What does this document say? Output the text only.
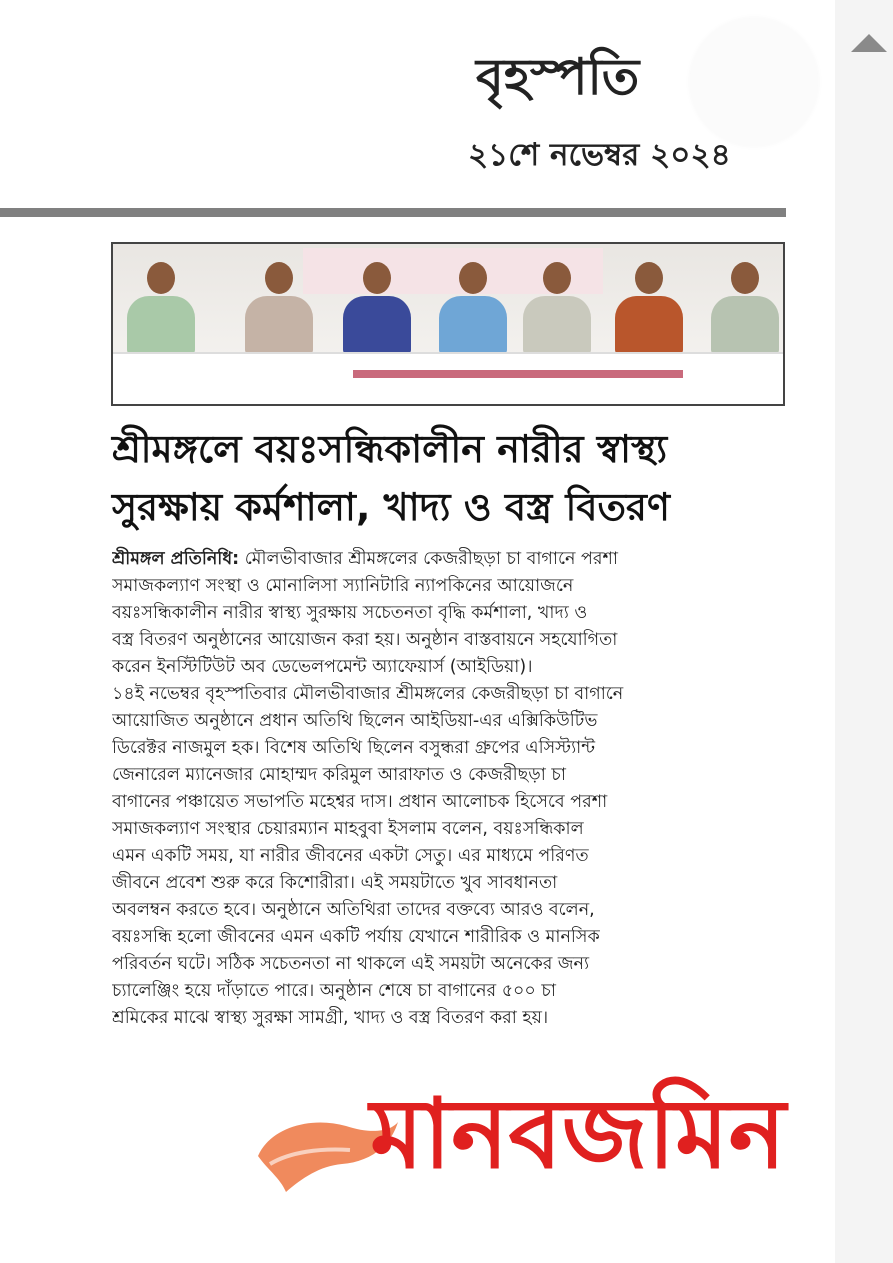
বৃহস্পতি
২১শে নভেম্বর ২০২৪
শ্রীমঙ্গলে বয়ঃসন্ধিকালীন নারীর স্বাস্থ্য
সুরক্ষায় কর্মশালা, খাদ্য ও বস্ত্র বিতরণ
শ্রীমঙ্গল প্রতিনিধি: মৌলভীবাজার শ্রীমঙ্গলের কেজরীছড়া চা বাগানে পরশা
সমাজকল্যাণ সংস্থা ও মোনালিসা স্যানিটারি ন্যাপকিনের আয়োজনে
বয়ঃসন্ধিকালীন নারীর স্বাস্থ্য সুরক্ষায় সচেতনতা বৃদ্ধি কর্মশালা, খাদ্য ও
বস্ত্র বিতরণ অনুষ্ঠানের আয়োজন করা হয়। অনুষ্ঠান বাস্তবায়নে সহযোগিতা
করেন ইনস্টিটিউট অব ডেভেলপমেন্ট অ্যাফেয়ার্স (আইডিয়া)।
১৪ই নভেম্বর বৃহস্পতিবার মৌলভীবাজার শ্রীমঙ্গলের কেজরীছড়া চা বাগানে
আয়োজিত অনুষ্ঠানে প্রধান অতিথি ছিলেন আইডিয়া-এর এক্সিকিউটিভ
ডিরেক্টর নাজমুল হক। বিশেষ অতিথি ছিলেন বসুন্ধরা গ্রুপের এসিস্ট্যান্ট
জেনারেল ম্যানেজার মোহাম্মদ করিমুল আরাফাত ও কেজরীছড়া চা
বাগানের পঞ্চায়েত সভাপতি মহেশ্বর দাস। প্রধান আলোচক হিসেবে পরশা
সমাজকল্যাণ সংস্থার চেয়ারম্যান মাহবুবা ইসলাম বলেন, বয়ঃসন্ধিকাল
এমন একটি সময়, যা নারীর জীবনের একটা সেতু। এর মাধ্যমে পরিণত
জীবনে প্রবেশ শুরু করে কিশোরীরা। এই সময়টাতে খুব সাবধানতা
অবলম্বন করতে হবে। অনুষ্ঠানে অতিথিরা তাদের বক্তব্যে আরও বলেন,
বয়ঃসন্ধি হলো জীবনের এমন একটি পর্যায় যেখানে শারীরিক ও মানসিক
পরিবর্তন ঘটে। সঠিক সচেতনতা না থাকলে এই সময়টা অনেকের জন্য
চ্যালেঞ্জিং হয়ে দাঁড়াতে পারে। অনুষ্ঠান শেষে চা বাগানের ৫০০ চা
শ্রমিকের মাঝে স্বাস্থ্য সুরক্ষা সামগ্রী, খাদ্য ও বস্ত্র বিতরণ করা হয়।
মানবজমিন
